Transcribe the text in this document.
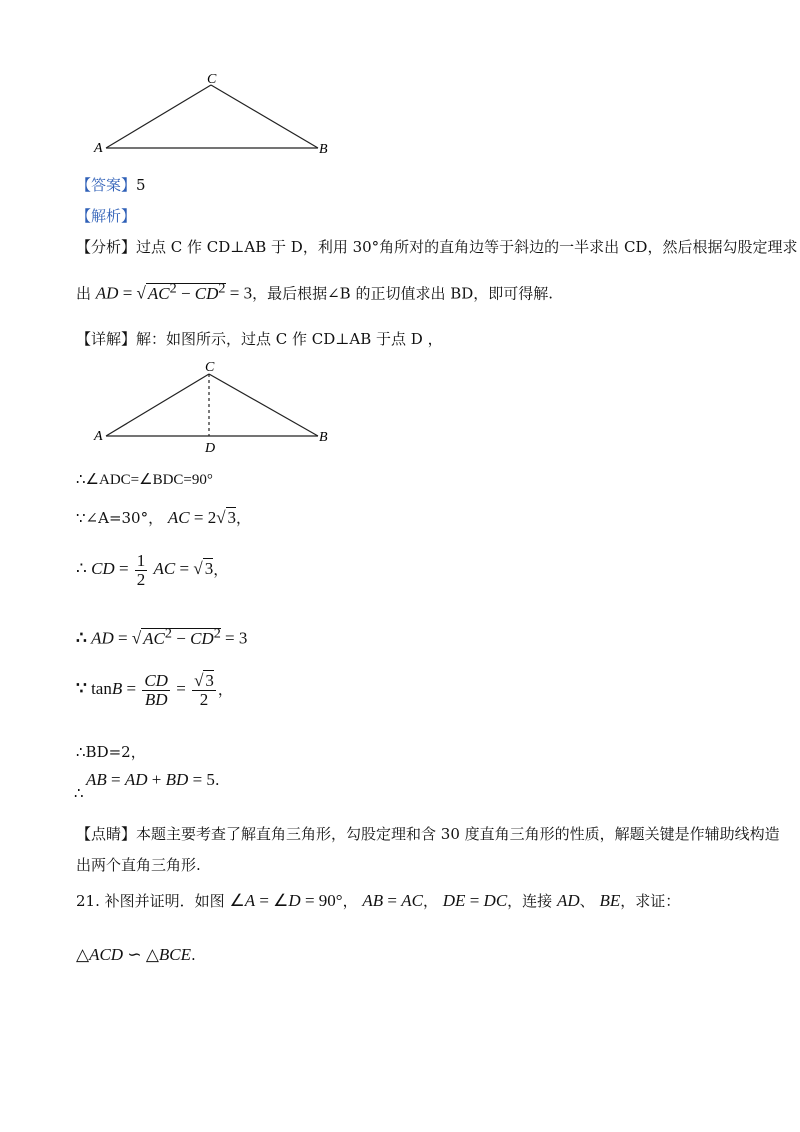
A	B
C
【答案】5
【解析】
【分析】过点 C 作 CD⊥AB 于 D，利用 30°角所对的直角边等于斜边的一半求出 CD，然后根据勾股定理求
出 AD = √ $AC^2 - CD^2 = 3$，最后根据∠B 的正切值求出 BD，即可得解.
【详解】解：如图所示，过点 C 作 CD⊥AB 于点 D ，
A	B
C
D
∴∠ADC=∠BDC=90°
∵∠A=30°， AC = 2√ 3，
∴ CD = $\frac{1}{2}$ AC = √ 3，
∴ AD = √ $AC^2 - CD^2 = 3$
∵ $\tan B = \frac{CD}{BD} = \frac{√ 3}{2}$ ，
∴BD=2，
AB = AD + BD = 5.
∴
【点睛】本题主要考查了解直角三角形，勾股定理和含 30 度直角三角形的性质，解题关键是作辅助线构造
出两个直角三角形.
21. 补图并证明．如图 ∠A = ∠D = 90°， AB = AC， DE = DC，连接 AD、 BE，求证：
△ACD ∽ △BCE.
